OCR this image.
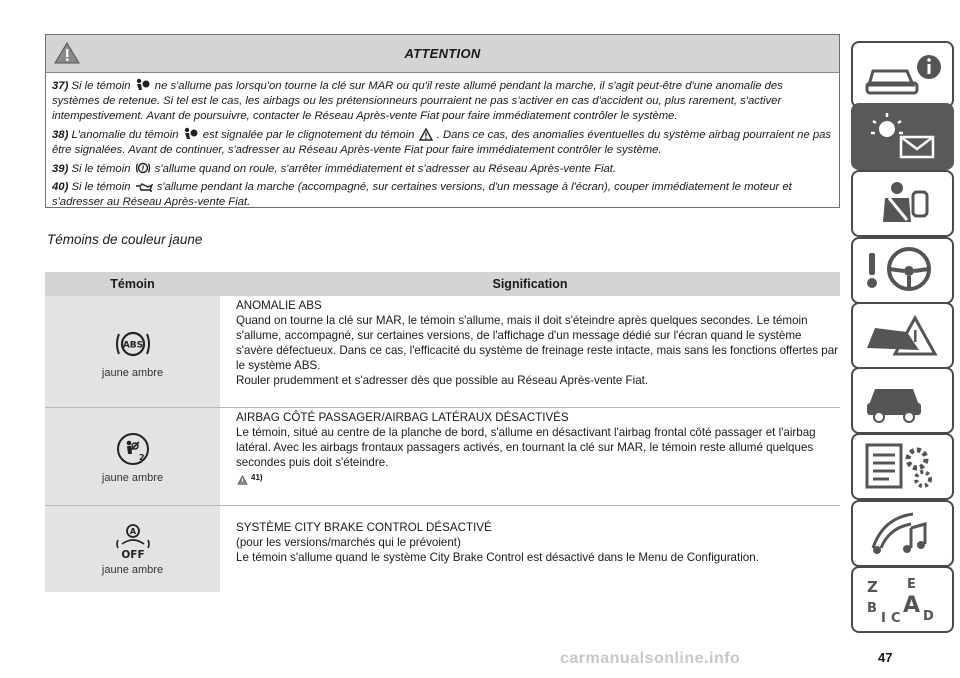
ATTENTION

37) Si le témoin ne s'allume pas lorsqu'on tourne la clé sur MAR ou qu'il reste allumé pendant la marche, il s'agit peut-être d'une anomalie des systèmes de retenue. Si tel est le cas, les airbags ou les prétensionneurs pourraient ne pas s'activer en cas d'accident ou, plus rarement, s'activer intempestivement. Avant de poursuivre, contacter le Réseau Après-vente Fiat pour faire immédiatement contrôler le système.

38) L'anomalie du témoin est signalée par le clignotement du témoin . Dans ce cas, des anomalies éventuelles du système airbag pourraient ne pas être signalées. Avant de continuer, s'adresser au Réseau Après-vente Fiat pour faire immédiatement contrôler le système.

39) Si le témoin ! s'allume quand on roule, s'arrêter immédiatement et s'adresser au Réseau Après-vente Fiat.

40) Si le témoin s'allume pendant la marche (accompagné, sur certaines versions, d'un message à l'écran), couper immédiatement le moteur et s'adresser au Réseau Après-vente Fiat.

Témoins de couleur jaune
Témoin	Signification
ABS
jaune ambre

ANOMALIE ABS

Quand on tourne la clé sur MAR, le témoin s'allume, mais il doit s'éteindre après quelques secondes. Le témoin s'allume, accompagné, sur certaines versions, de l'affichage d'un message dédié sur l'écran quand le système s'avère défectueux. Dans ce cas, l'efficacité du système de freinage reste intacte, mais sans les fonctions offertes par le système ABS.

Rouler prudemment et s'adresser dès que possible au Réseau Après-vente Fiat.

2
jaune ambre

AIRBAG CÔTÉ PASSAGER/AIRBAG LATÉRAUX DÉSACTIVÉS

Le témoin, situé au centre de la planche de bord, s'allume en désactivant l'airbag frontal côté passager et l'airbag latéral. Avec les airbags frontaux passagers activés, en tournant la clé sur MAR, le témoin reste allumé quelques secondes puis doit s'éteindre.

41)

A
OFF
jaune ambre

SYSTÈME CITY BRAKE CONTROL DÉSACTIVÉ

(pour les versions/marchés qui le prévoient)

Le témoin s'allume quand le système City Brake Control est désactivé dans le Menu de Configuration.

Z E
B
I C
A D
carmanualsonline.info	47
